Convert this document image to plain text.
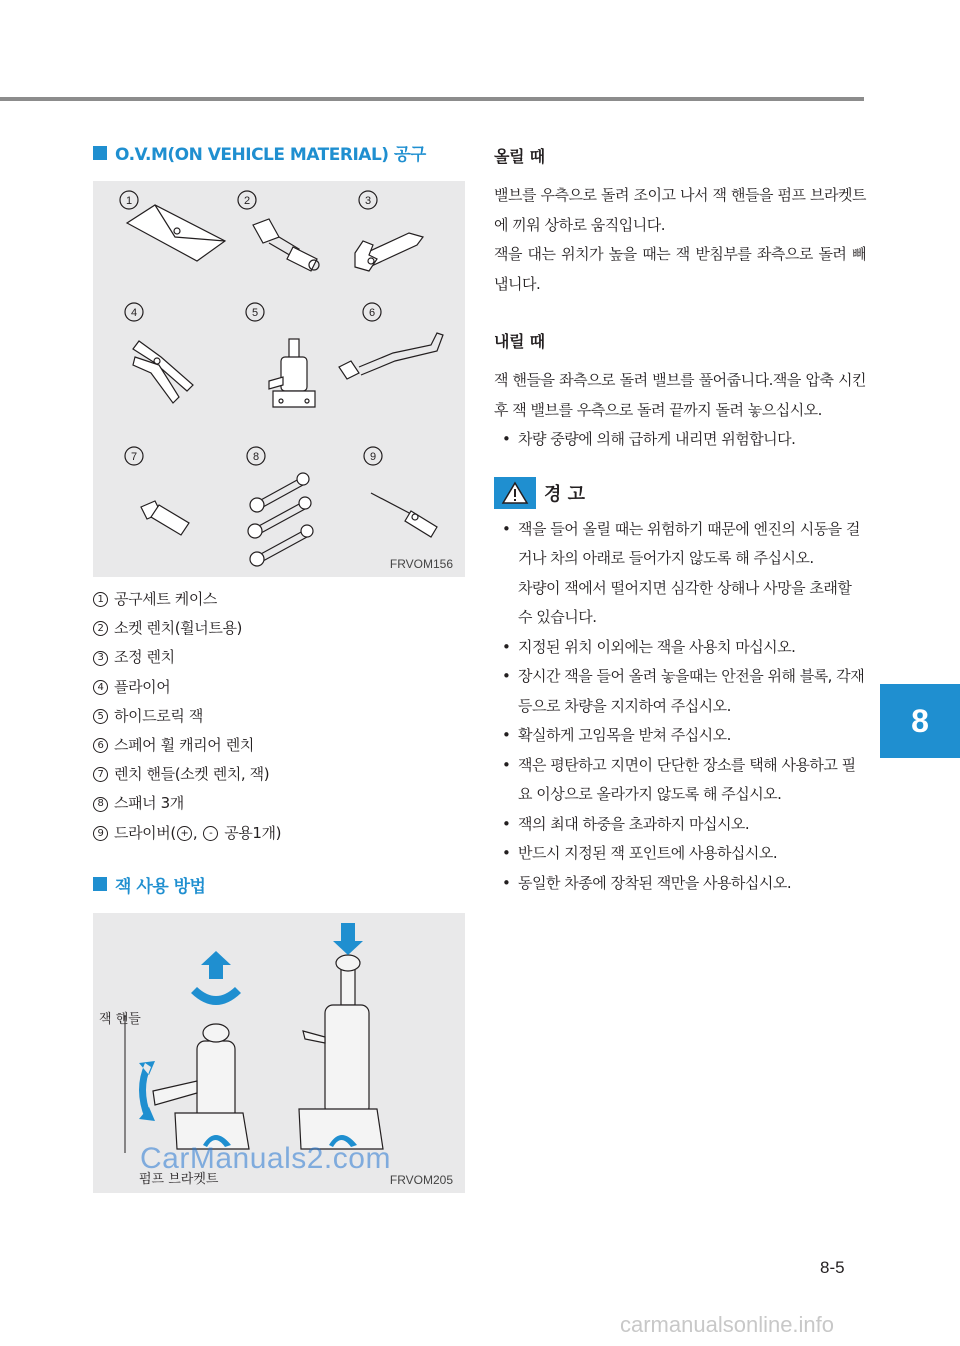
O.V.M(ON VEHICLE MATERIAL) 공구
1	2	3
4	5	6
7	8	9
FRVOM156
1 공구세트 케이스
2 소켓 렌치(휠너트용)
3 조정 렌치
4 플라이어
5 하이드로릭 잭
6 스페어 휠 캐리어 렌치
7 렌치 핸들(소켓 렌치, 잭)
8 스패너 3개
9 드라이버( + ,	- 공용1개)
잭 사용 방법
잭 핸들
펌프 브라켓트	FRVOM205
올릴 때

밸브를 우측으로 돌려 조이고 나서 잭 핸들을 펌프 브라켓트에 끼워 상하로 움직입니다.

잭을 대는 위치가 높을 때는 잭 받침부를 좌측으로 돌려 빼냅니다.

내릴 때

잭 핸들을 좌측으로 돌려 밸브를 풀어줍니다.잭을 압축 시킨 후 잭 밸브를 우측으로 돌려 끝까지 돌려 놓으십시오.

• 차량 중량에 의해 급하게 내리면 위험합니다.
경 고
• 잭을 들어 올릴 때는 위험하기 때문에 엔진의 시동을 걸거나 차의 아래로 들어가지 않도록 해 주십시오.
차량이 잭에서 떨어지면 심각한 상해나 사망을 초래할 수 있습니다.
• 지정된 위치 이외에는 잭을 사용치 마십시오.
• 장시간 잭을 들어 올려 놓을때는 안전을 위해 블록, 각재등으로 차량을 지지하여 주십시오.
• 확실하게 고임목을 받쳐 주십시오.
• 잭은 평탄하고 지면이 단단한 장소를 택해 사용하고 필요 이상으로 올라가지 않도록 해 주십시오.
• 잭의 최대 하중을 초과하지 마십시오.
• 반드시 지정된 잭 포인트에 사용하십시오.
• 동일한 차종에 장착된 잭만을 사용하십시오.
8
8-5
CarManuals2.com
carmanualsonline.info
